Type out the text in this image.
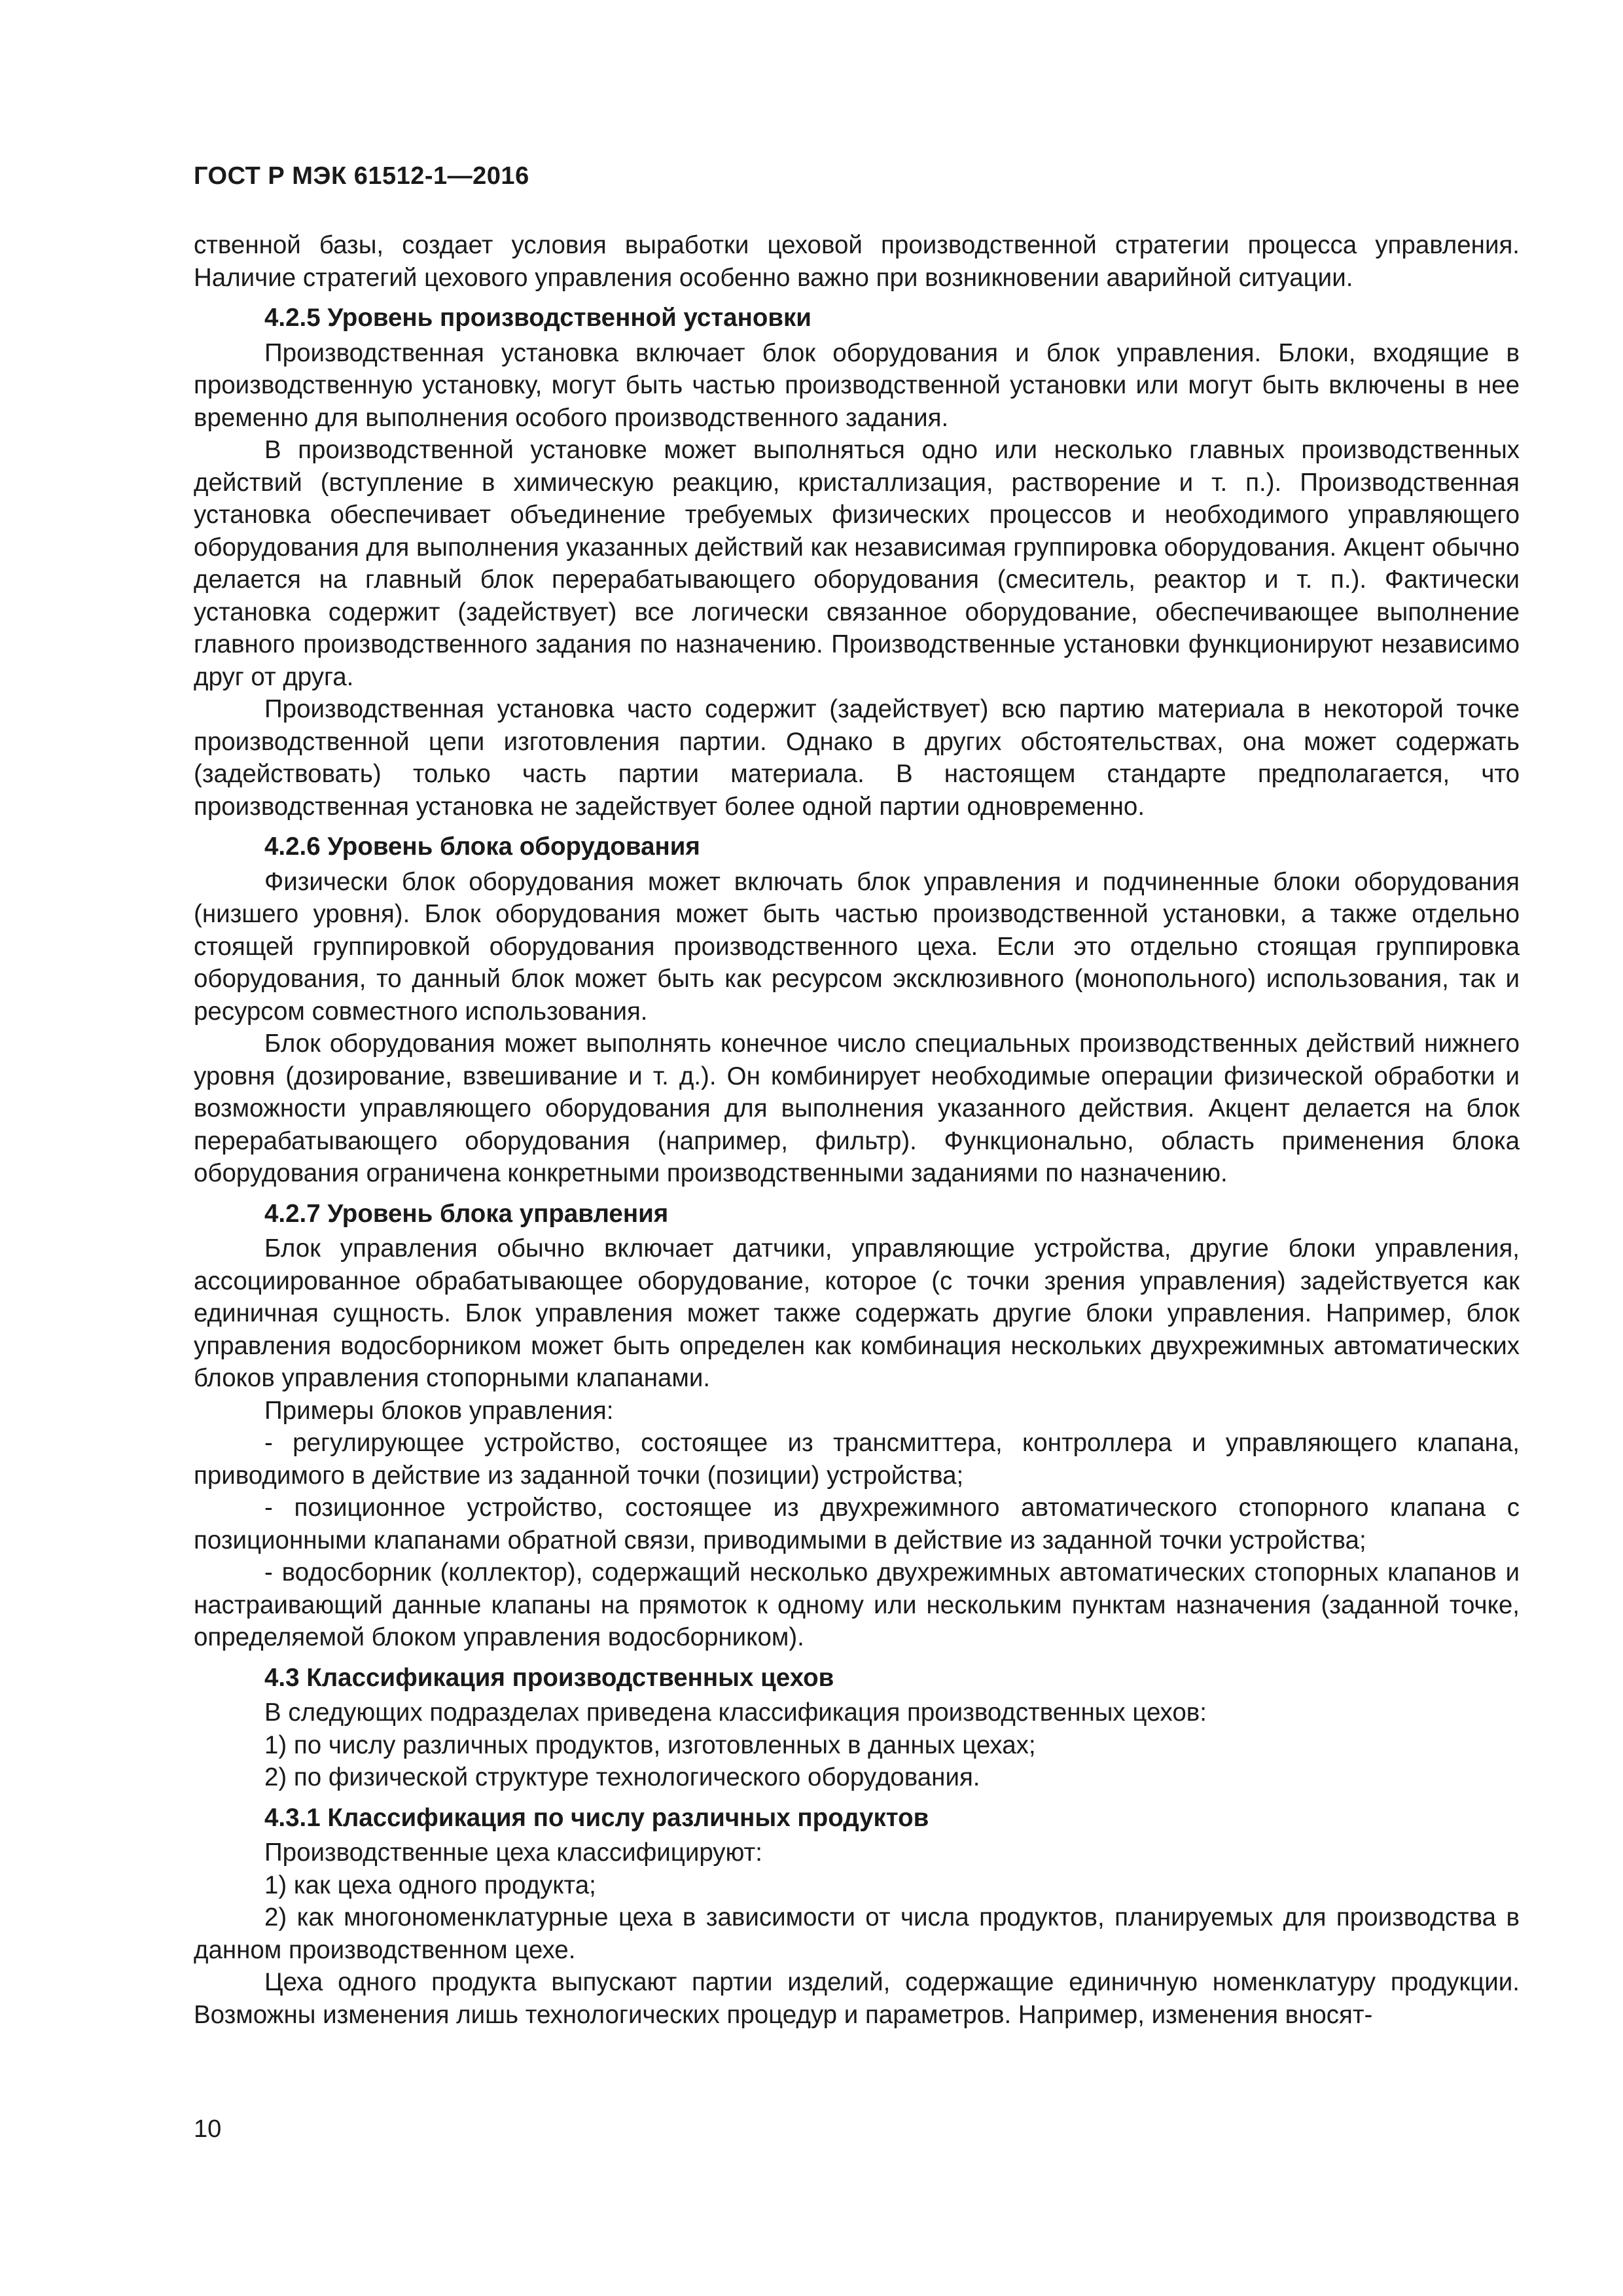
ГОСТ Р МЭК 61512-1—2016

ственной базы, создает условия выработки цеховой производственной стратегии процесса управления. Наличие стратегий цехового управления особенно важно при возникновении аварийной ситуации.

4.2.5 Уровень производственной установки

Производственная установка включает блок оборудования и блок управления. Блоки, входящие в производственную установку, могут быть частью производственной установки или могут быть включены в нее временно для выполнения особого производственного задания.

В производственной установке может выполняться одно или несколько главных производственных действий (вступление в химическую реакцию, кристаллизация, растворение и т. п.). Производственная установка обеспечивает объединение требуемых физических процессов и необходимого управляющего оборудования для выполнения указанных действий как независимая группировка оборудования. Акцент обычно делается на главный блок перерабатывающего оборудования (смеситель, реактор и т. п.). Фактически установка содержит (задействует) все логически связанное оборудование, обеспечивающее выполнение главного производственного задания по назначению. Производственные установки функционируют независимо друг от друга.

Производственная установка часто содержит (задействует) всю партию материала в некоторой точке производственной цепи изготовления партии. Однако в других обстоятельствах, она может содержать (задействовать) только часть партии материала. В настоящем стандарте предполагается, что производственная установка не задействует более одной партии одновременно.

4.2.6 Уровень блока оборудования

Физически блок оборудования может включать блок управления и подчиненные блоки оборудования (низшего уровня). Блок оборудования может быть частью производственной установки, а также отдельно стоящей группировкой оборудования производственного цеха. Если это отдельно стоящая группировка оборудования, то данный блок может быть как ресурсом эксклюзивного (монопольного) использования, так и ресурсом совместного использования.

Блок оборудования может выполнять конечное число специальных производственных действий нижнего уровня (дозирование, взвешивание и т. д.). Он комбинирует необходимые операции физической обработки и возможности управляющего оборудования для выполнения указанного действия. Акцент делается на блок перерабатывающего оборудования (например, фильтр). Функционально, область применения блока оборудования ограничена конкретными производственными заданиями по назначению.

4.2.7 Уровень блока управления

Блок управления обычно включает датчики, управляющие устройства, другие блоки управления, ассоциированное обрабатывающее оборудование, которое (с точки зрения управления) задействуется как единичная сущность. Блок управления может также содержать другие блоки управления. Например, блок управления водосборником может быть определен как комбинация нескольких двухрежимных автоматических блоков управления стопорными клапанами.

Примеры блоков управления:

- регулирующее устройство, состоящее из трансмиттера, контроллера и управляющего клапана, приводимого в действие из заданной точки (позиции) устройства;

- позиционное устройство, состоящее из двухрежимного автоматического стопорного клапана с позиционными клапанами обратной связи, приводимыми в действие из заданной точки устройства;

- водосборник (коллектор), содержащий несколько двухрежимных автоматических стопорных клапанов и настраивающий данные клапаны на прямоток к одному или нескольким пунктам назначения (заданной точке, определяемой блоком управления водосборником).

4.3 Классификация производственных цехов

В следующих подразделах приведена классификация производственных цехов:

1) по числу различных продуктов, изготовленных в данных цехах;

2) по физической структуре технологического оборудования.

4.3.1 Классификация по числу различных продуктов

Производственные цеха классифицируют:

1) как цеха одного продукта;

2) как многономенклатурные цеха в зависимости от числа продуктов, планируемых для производства в данном производственном цехе.

Цеха одного продукта выпускают партии изделий, содержащие единичную номенклатуру продукции. Возможны изменения лишь технологических процедур и параметров. Например, изменения вносят-

10
